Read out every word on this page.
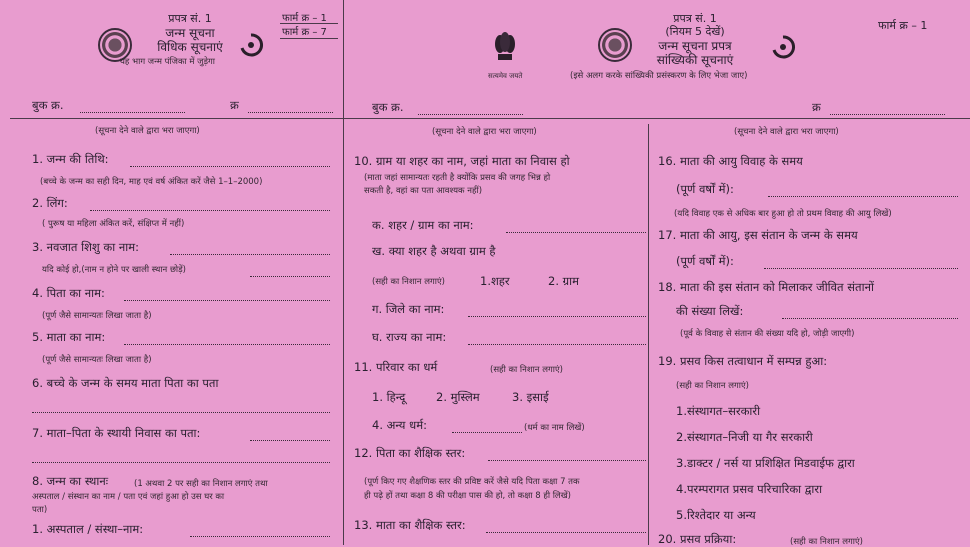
प्रपत्र सं. 1
जन्म सूचना
विधिक सूचनाएं
यह भाग जन्म पंजिका में जुड़ेगा
फार्म क्र – 1
फार्म क्र – 7
बुक क्र.	क्र
सत्यमेव जयते
प्रपत्र सं. 1
(नियम 5 देखें)
जन्म सूचना प्रपत्र
सांख्यिकी सूचनाएं
(इसे अलग करके सांख्यिकी प्रसंस्करण के लिए भेजा जाए)
फार्म क्र – 1
बुक क्र.	क्र
(सूचना देने वाले द्वारा भरा जाएगा)
1. जन्म की तिथि:
(बच्चे के जन्म का सही दिन, माह एवं वर्ष अंकित करें जैसे 1–1–2000)
2. लिंग:
( पुरूष या महिला अंकित करें, संक्षिप्त में नहीं)
3. नवजात शिशु का नाम:
यदि कोई हो,(नाम न होने पर खाली स्थान छोड़ें)
4. पिता का नाम:
(पूर्ण जैसे सामान्यतः लिखा जाता है)
5. माता का नाम:
(पूर्ण जैसे सामान्यतः लिखा जाता है)
6. बच्चे के जन्म के समय माता पिता का पता
7. माता–पिता के स्थायी निवास का पता:
8. जन्म का स्थानः	(1 अथवा 2 पर सही का निशान लगाएं तथा
अस्पताल / संस्थान का नाम / पता एवं जहां हुआ हो उस घर का
पता)
1. अस्पताल / संस्था–नाम:
(सूचना देने वाले द्वारा भरा जाएगा)
10. ग्राम या शहर का नाम, जहां माता का निवास हो
(माता जहां सामान्यतः रहती है क्योंकि प्रसव की जगह भिन्न हो
सकती है, वहां का पता आवश्यक नहीं)
क. शहर / ग्राम का नाम:
ख. क्या शहर है अथवा ग्राम है
(सही का निशान लगाएं)	1.शहर	2. ग्राम
ग. जिले का नाम:
घ. राज्य का नाम:
11. परिवार का धर्म	(सही का निशान लगाएं)
1. हिन्दू	2. मुस्लिम	3. इसाई
4. अन्य धर्म:	(धर्म का नाम लिखें)
12. पिता का शैक्षिक स्तर:
(पूर्ण किए गए शैक्षणिक स्तर की प्रविष्ट करें जैसे यदि पिता कक्षा 7 तक
ही पढ़े हों तथा कक्षा 8 की परीक्षा पास की हो, तो कक्षा 8 ही लिखें)
13. माता का शैक्षिक स्तर:
(सूचना देने वाले द्वारा भरा जाएगा)
16. माता की आयु विवाह के समय
(पूर्ण वर्षों में):
(यदि विवाह एक से अधिक बार हुआ हो तो प्रथम विवाह की आयु लिखें)
17. माता की आयु, इस संतान के जन्म के समय
(पूर्ण वर्षों में):
18. माता की इस संतान को मिलाकर जीवित संतानों
की संख्या लिखें:
(पूर्व के विवाह से संतान की संख्या यदि हो, जोड़ी जाएगी)
19. प्रसव किस तत्वाधान में सम्पन्न हुआ:
(सही का निशान लगाएं)
1.संस्थागत–सरकारी
2.संस्थागत–निजी या गैर सरकारी
3.डाक्टर / नर्स या प्रशिक्षित मिडवाईफ द्वारा
4.परम्परागत प्रसव परिचारिका द्वारा
5.रिश्तेदार या अन्य
20. प्रसव प्रक्रिया:	(सही का निशान लगाएं)
